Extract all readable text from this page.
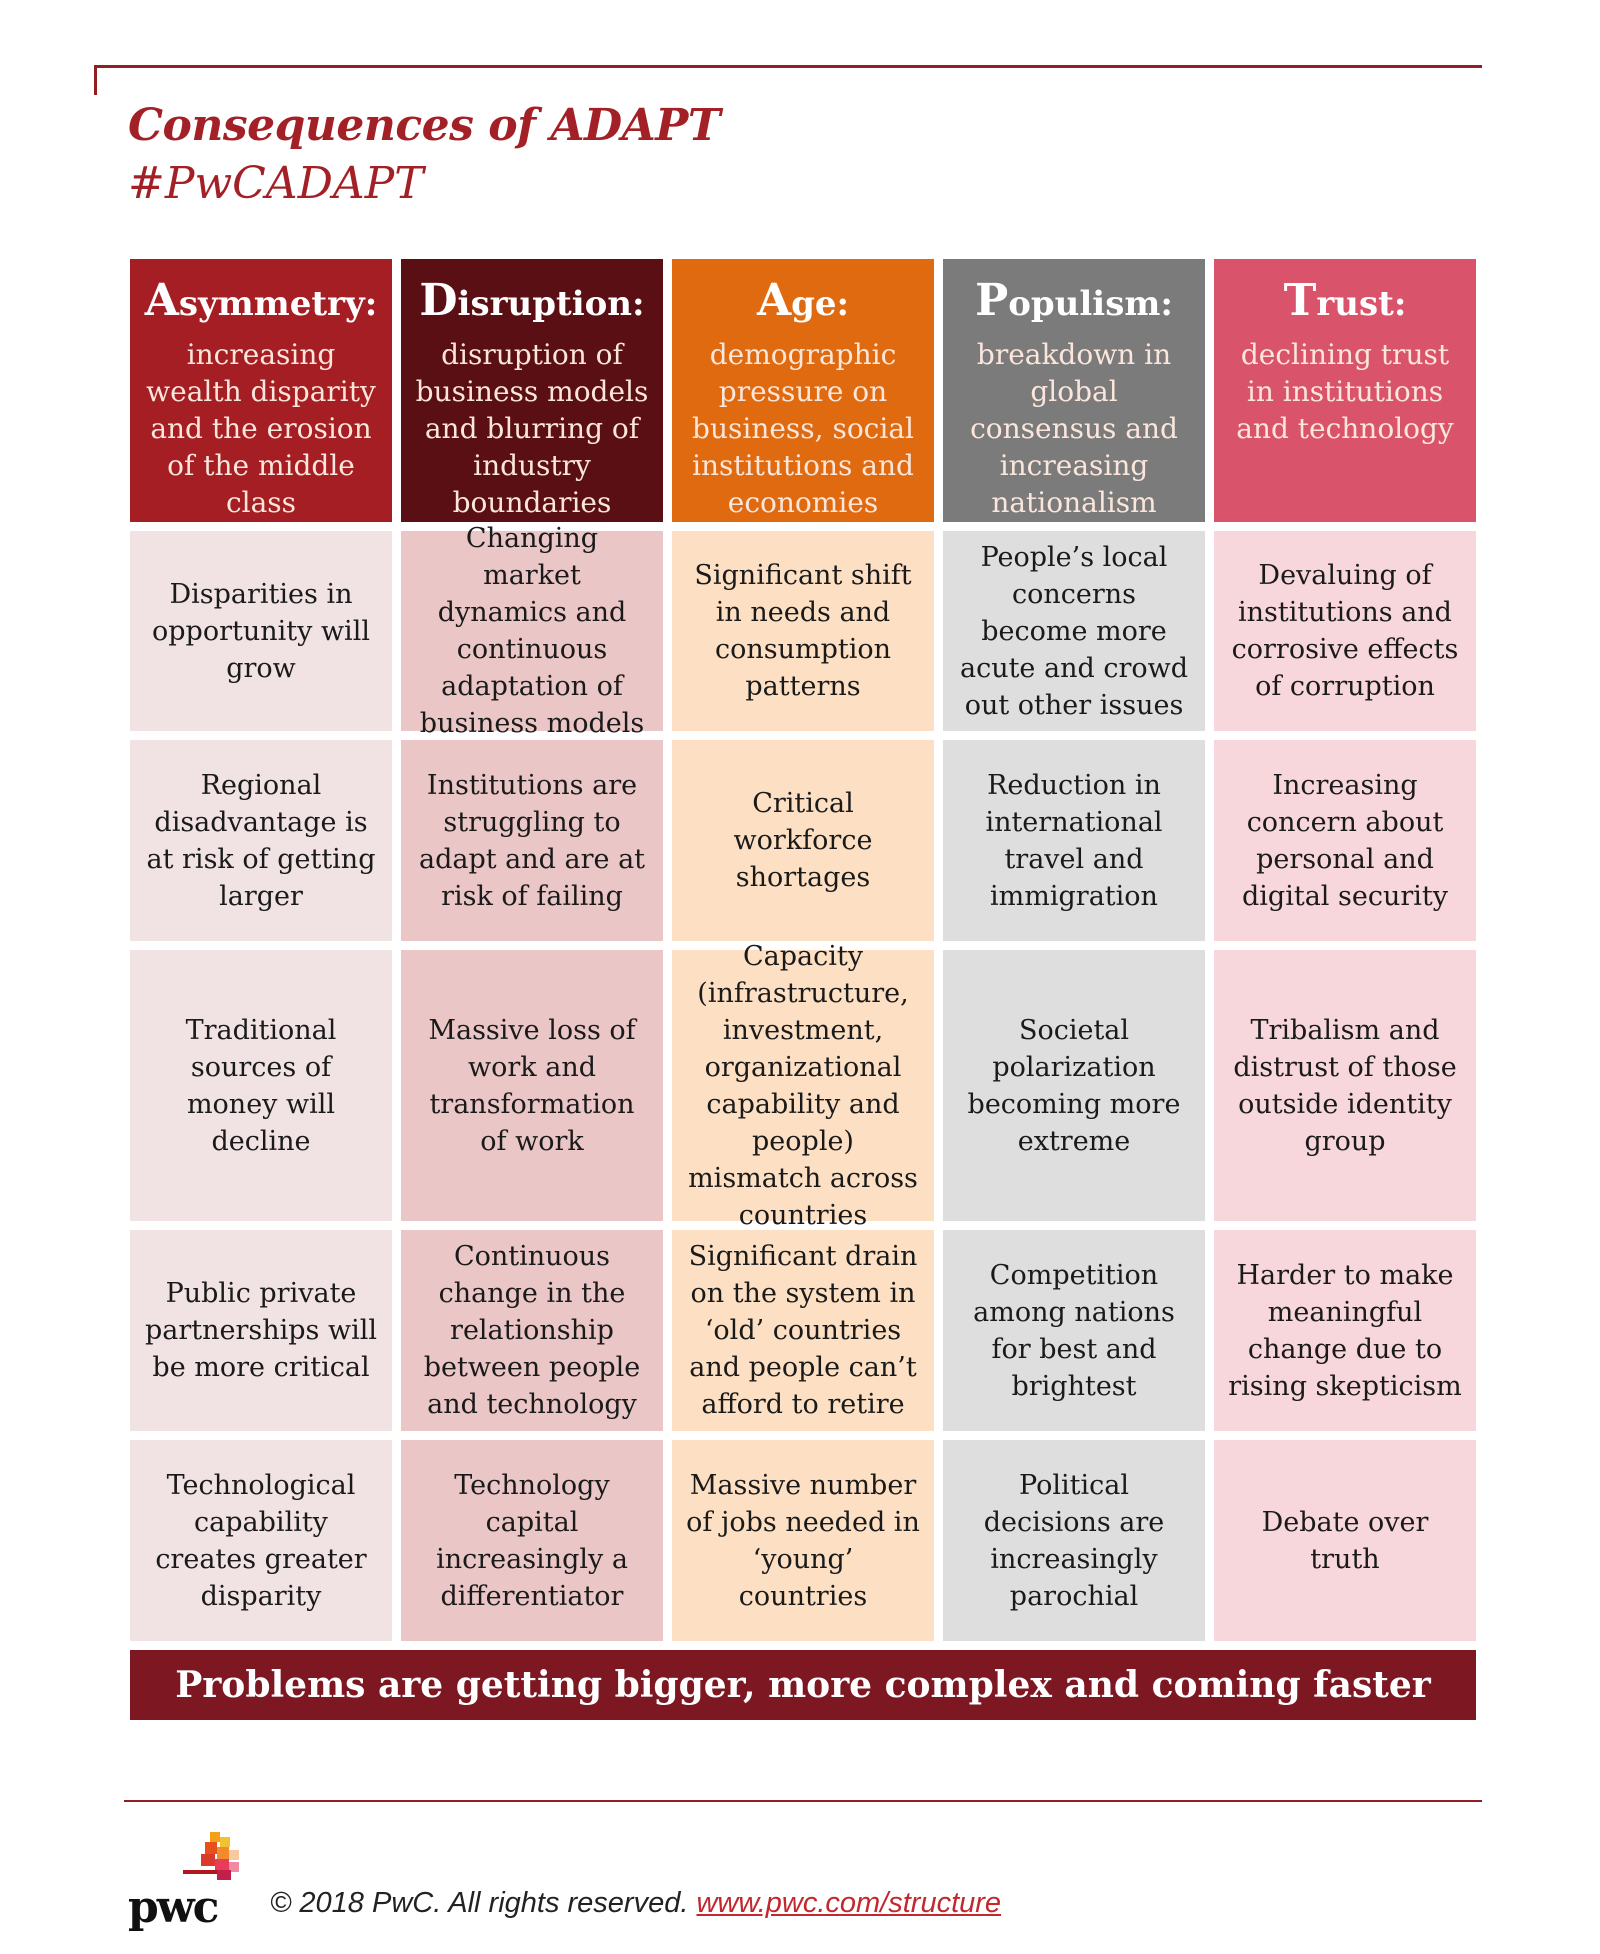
Consequences of ADAPT
#PwCADAPT
Asymmetry:
increasing wealth disparity and the erosion of the middle class
Disruption:
disruption of business models and blurring of industry boundaries
Age:
demographic pressure on business, social institutions and economies
Populism:
breakdown in global consensus and increasing nationalism
Trust:
declining trust in institutions and technology
Disparities in opportunity will grow
Changing market dynamics and continuous adaptation of business models
Significant shift in needs and consumption patterns
People’s local concerns become more acute and crowd out other issues
Devaluing of institutions and corrosive effects of corruption
Regional disadvantage is at risk of getting larger
Institutions are struggling to adapt and are at risk of failing
Critical workforce shortages
Reduction in international travel and immigration
Increasing concern about personal and digital security
Traditional sources of money will decline
Massive loss of work and transformation of work
Capacity (infrastructure, investment, organizational capability and people) mismatch across countries
Societal polarization becoming more extreme
Tribalism and distrust of those outside identity group
Public private partnerships will be more critical
Continuous change in the relationship between people and technology
Significant drain on the system in ‘old’ countries and people can’t afford to retire
Competition among nations for best and brightest
Harder to make meaningful change due to rising skepticism
Technological capability creates greater disparity
Technology capital increasingly a differentiator
Massive number of jobs needed in ‘young’ countries
Political decisions are increasingly parochial
Debate over truth
Problems are getting bigger, more complex and coming faster
pwc © 2018 PwC. All rights reserved. www.pwc.com/structure
